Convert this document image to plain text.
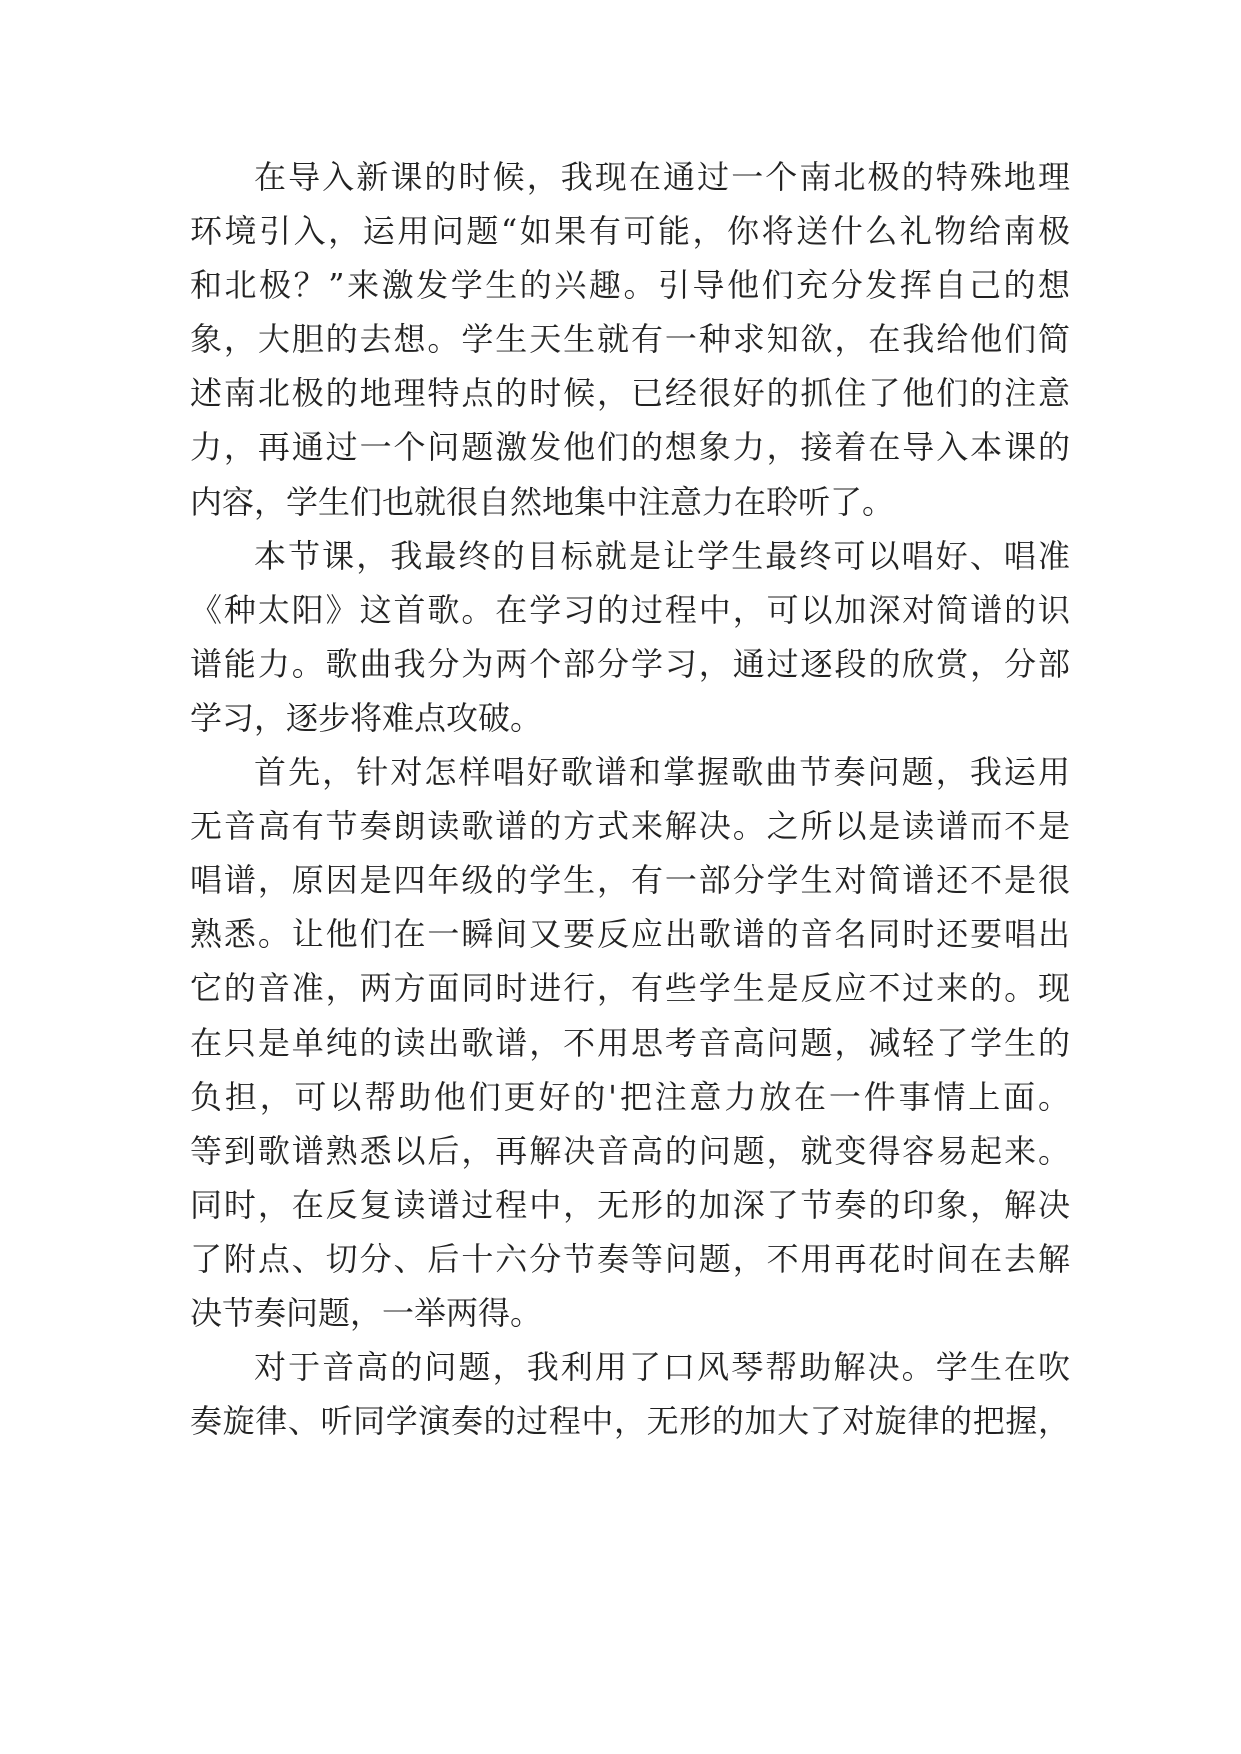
在导入新课的时候，我现在通过一个南北极的特殊地理
环境引入，运用问题“如果有可能，你将送什么礼物给南极
和北极？”来激发学生的兴趣。引导他们充分发挥自己的想
象，大胆的去想。学生天生就有一种求知欲，在我给他们简
述南北极的地理特点的时候，已经很好的抓住了他们的注意
力，再通过一个问题激发他们的想象力，接着在导入本课的
内容，学生们也就很自然地集中注意力在聆听了。
本节课，我最终的目标就是让学生最终可以唱好、唱准
《种太阳》这首歌。在学习的过程中，可以加深对简谱的识
谱能力。歌曲我分为两个部分学习，通过逐段的欣赏，分部
学习，逐步将难点攻破。
首先，针对怎样唱好歌谱和掌握歌曲节奏问题，我运用
无音高有节奏朗读歌谱的方式来解决。之所以是读谱而不是
唱谱，原因是四年级的学生，有一部分学生对简谱还不是很
熟悉。让他们在一瞬间又要反应出歌谱的音名同时还要唱出
它的音准，两方面同时进行，有些学生是反应不过来的。现
在只是单纯的读出歌谱，不用思考音高问题，减轻了学生的
负担，可以帮助他们更好的'把注意力放在一件事情上面。
等到歌谱熟悉以后，再解决音高的问题，就变得容易起来。
同时，在反复读谱过程中，无形的加深了节奏的印象，解决
了附点、切分、后十六分节奏等问题，不用再花时间在去解
决节奏问题，一举两得。
对于音高的问题，我利用了口风琴帮助解决。学生在吹
奏旋律、听同学演奏的过程中，无形的加大了对旋律的把握，
